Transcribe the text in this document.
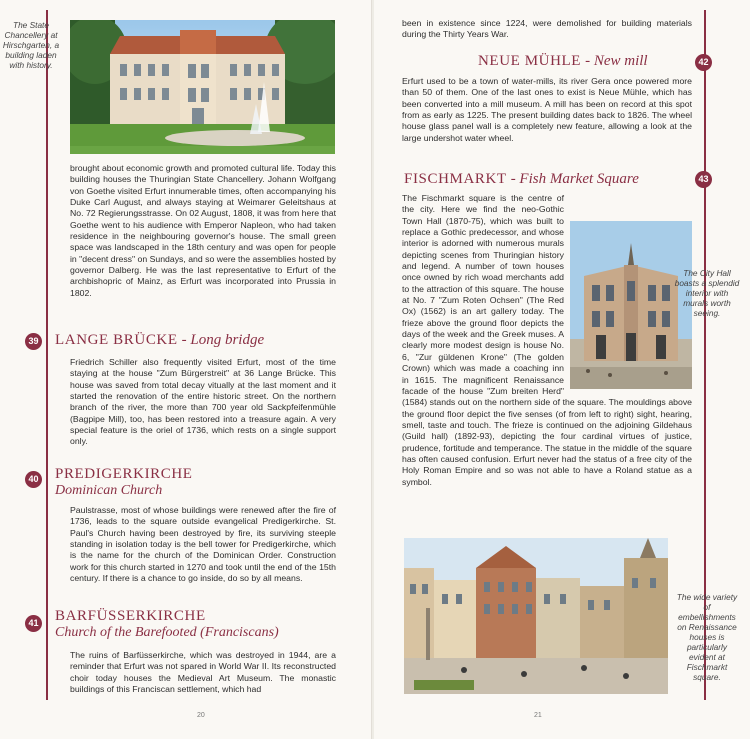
The State Chancellery at Hirschgarten, a building laden with history.

brought about economic growth and promoted cultural life. Today this building houses the Thuringian State Chancellery. Johann Wolfgang von Goethe visited Erfurt innumerable times, often accompanying his Duke Carl August, and always staying at Weimarer Geleitshaus at No. 72 Regierungsstrasse. On 02 August, 1808, it was from here that Goethe went to his audience with Emperor Napleon, who had taken residence in the neighbouring governor's house. The small green space was landscaped in the 18th century and was open for people in "decent dress" on Sundays, and so were the assemblies hosted by governor Dalberg. He was the last representative to Erfurt of the archbishopric of Mainz, as Erfurt was incorporated into Prussia in 1802.

39 LANGE BRÜCKE - Long bridge
Friedrich Schiller also frequently visited Erfurt, most of the time staying at the house "Zum Bürgerstreit" at 36 Lange Brücke. This house was saved from total decay vitually at the last moment and it started the renovation of the entire historic street. On the northern branch of the river, the more than 700 year old Sackpfeifenmühle (Bagpipe Mill), too, has been restored into a treasure again. A very special feature is the oriel of 1736, which rests on a single support only.
40 PREDIGERKIRCHE
Dominican Church
Paulstrasse, most of whose buildings were renewed after the fire of 1736, leads to the square outside evangelical Predigerkirche. St. Paul's Church having been destroyed by fire, its surviving steeple standing in isolation today is the bell tower for Predigerkirche, which is the name for the church of the Dominican Order. Construction work for this church started in 1270 and took until the end of the 15th century. If there is a chance to go inside, do so by all means.
41 BARFÜSSERKIRCHE
Church of the Barefooted (Franciscans)
The ruins of Barfüsserkirche, which was destroyed in 1944, are a reminder that Erfurt was not spared in World War II. Its reconstructed choir today houses the Medieval Art Museum. The monastic buildings of this Franciscan settlement, which had
20
been in existence since 1224, were demolished for building materials during the Thirty Years War.
NEUE MÜHLE - New mill	42
Erfurt used to be a town of water-mills, its river Gera once powered more than 50 of them. One of the last ones to exist is Neue Mühle, which has been converted into a mill museum. A mill has been on record at this spot from as early as 1225. The present building dates back to 1826. The wheel house glass panel wall is a completely new feature, allowing a look at the large undershot water wheel.
FISCHMARKT - Fish Market Square	43

The Fischmarkt square is the centre of the city. Here we find the neo-Gothic Town Hall (1870-75), which was built to replace a Gothic predecessor, and whose interior is adorned with numerous murals depicting scenes from Thuringian history and legend. A number of town houses once owned by rich woad merchants add to the attraction of this square. The house at No. 7 "Zum Roten Ochsen" (The Red Ox) (1562) is an art gallery today. The frieze above the ground floor depicts the days of the week and the Greek muses. A clearly more modest design is house No. 6, "Zur güldenen Krone" (The golden Crown) which was made a coaching inn in 1615. The magnificent Renaissance facade of the house "Zum breiten Herd" (1584) stands out on the northern side of the square. The mouldings above the ground floor depict the five senses (of from left to right) sight, hearing, smell, taste and touch. The frieze is continued on the adjoining Gildehaus (Guild hall) (1892-93), depicting the four cardinal virtues of justice, prudence, fortitude and temperance. The statue in the middle of the square has often caused confusion. Erfurt never had the status of a free city of the Holy Roman Empire and so was not able to have a Roland statue as a symbol.

The City Hall boasts a splendid interior with murals worth seeing.
The wide variety of embellishments on Renaissance houses is particularly evident at Fischmarkt square.
21
